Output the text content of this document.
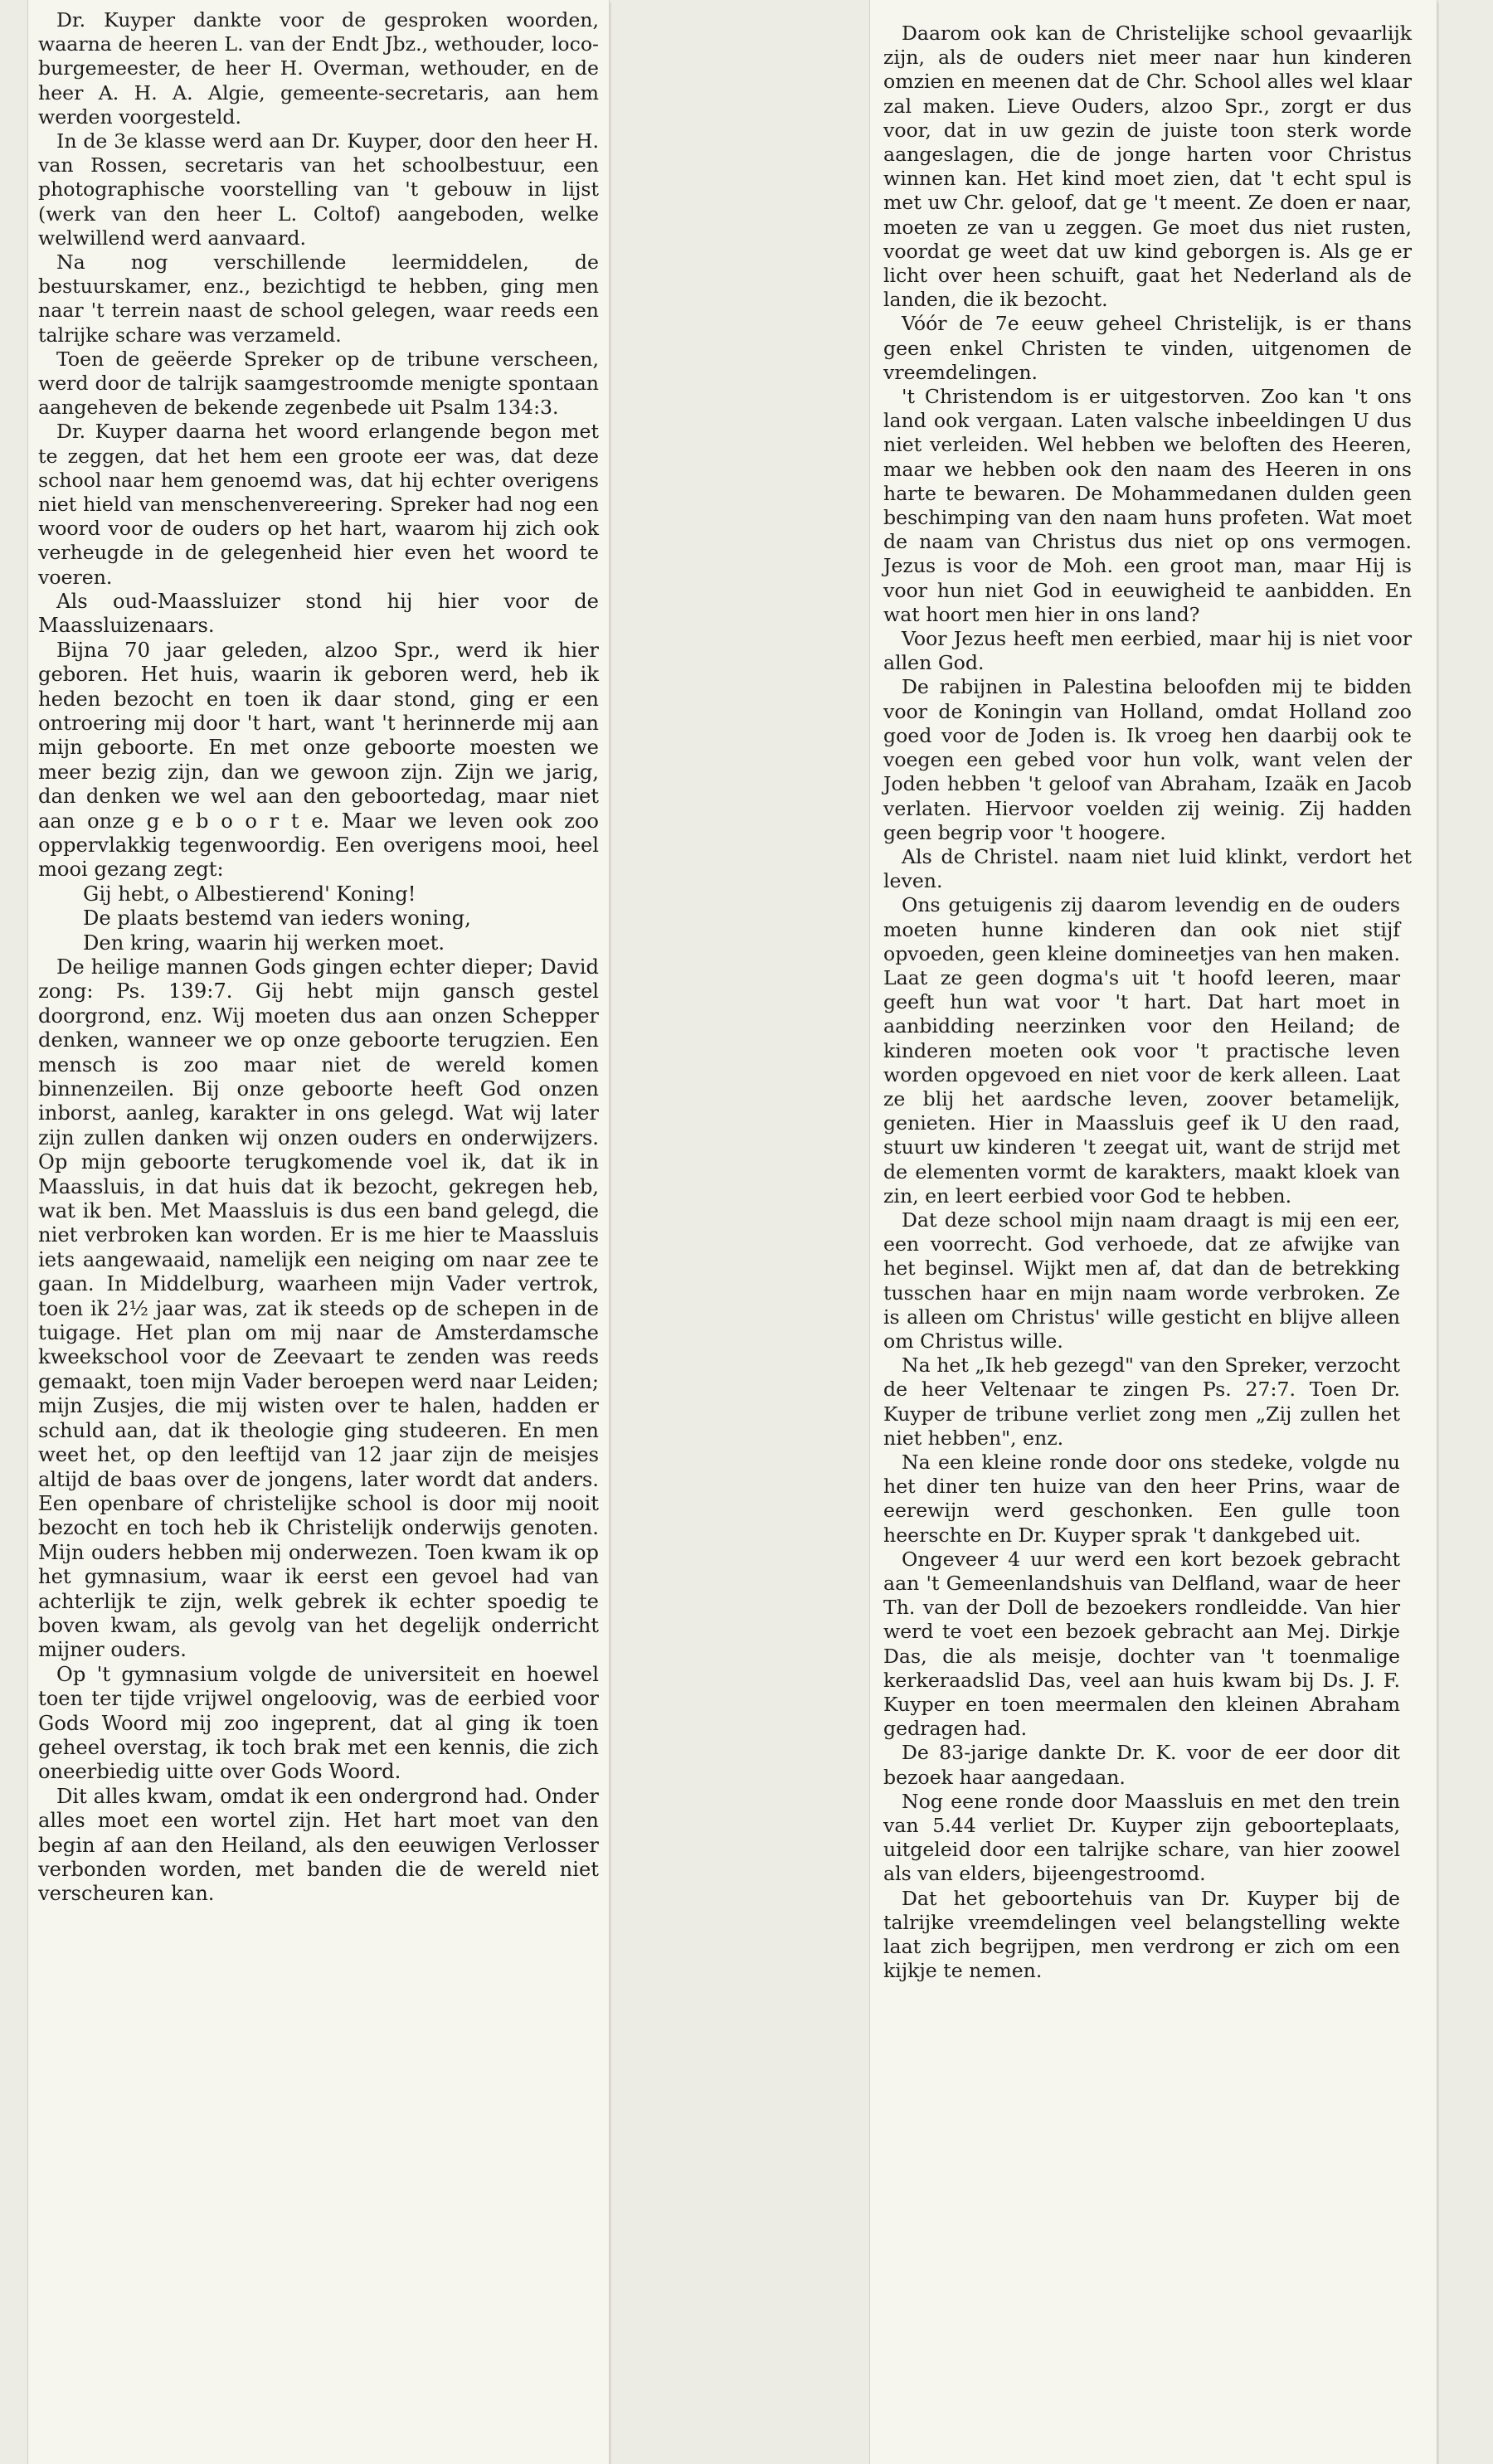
Dr. Kuyper dankte voor de gesproken woorden, waarna de heeren L. van der Endt Jbz., wethouder, loco-burgemeester, de heer H. Overman, wethouder, en de heer A. H. A. Algie, gemeente-secretaris, aan hem werden voorgesteld.

In de 3e klasse werd aan Dr. Kuyper, door den heer H. van Rossen, secretaris van het schoolbestuur, een photographische voorstelling van 't gebouw in lijst (werk van den heer L. Coltof) aangeboden, welke welwillend werd aanvaard.

Na nog verschillende leermiddelen, de bestuurskamer, enz., bezichtigd te hebben, ging men naar 't terrein naast de school gelegen, waar reeds een talrijke schare was verzameld.

Toen de geëerde Spreker op de tribune verscheen, werd door de talrijk saamgestroomde menigte spontaan aangeheven de bekende zegenbede uit Psalm 134:3.

Dr. Kuyper daarna het woord erlangende begon met te zeggen, dat het hem een groote eer was, dat deze school naar hem genoemd was, dat hij echter overigens niet hield van menschenvereering. Spreker had nog een woord voor de ouders op het hart, waarom hij zich ook verheugde in de gelegenheid hier even het woord te voeren.

Als oud-Maassluizer stond hij hier voor de Maassluizenaars.

Bijna 70 jaar geleden, alzoo Spr., werd ik hier geboren. Het huis, waarin ik geboren werd, heb ik heden bezocht en toen ik daar stond, ging er een ontroering mij door 't hart, want 't herinnerde mij aan mijn geboorte. En met onze geboorte moesten we meer bezig zijn, dan we gewoon zijn. Zijn we jarig, dan denken we wel aan den geboortedag, maar niet aan onze g e b o o r t e. Maar we leven ook zoo oppervlakkig tegenwoordig. Een overigens mooi, heel mooi gezang zegt:

Gij hebt, o Albestierend' Koning!

De plaats bestemd van ieders woning,

Den kring, waarin hij werken moet.

De heilige mannen Gods gingen echter dieper; David zong: Ps. 139:7. Gij hebt mijn gansch gestel doorgrond, enz. Wij moeten dus aan onzen Schepper denken, wanneer we op onze geboorte terugzien. Een mensch is zoo maar niet de wereld komen binnenzeilen. Bij onze geboorte heeft God onzen inborst, aanleg, karakter in ons gelegd. Wat wij later zijn zullen danken wij onzen ouders en onderwijzers. Op mijn geboorte terugkomende voel ik, dat ik in Maassluis, in dat huis dat ik bezocht, gekregen heb, wat ik ben. Met Maassluis is dus een band gelegd, die niet verbroken kan worden. Er is me hier te Maassluis iets aangewaaid, namelijk een neiging om naar zee te gaan. In Middelburg, waarheen mijn Vader vertrok, toen ik 2½ jaar was, zat ik steeds op de schepen in de tuigage. Het plan om mij naar de Amsterdamsche kweekschool voor de Zeevaart te zenden was reeds gemaakt, toen mijn Vader beroepen werd naar Leiden; mijn Zusjes, die mij wisten over te halen, hadden er schuld aan, dat ik theologie ging studeeren. En men weet het, op den leeftijd van 12 jaar zijn de meisjes altijd de baas over de jongens, later wordt dat anders. Een openbare of christelijke school is door mij nooit bezocht en toch heb ik Christelijk onderwijs genoten. Mijn ouders hebben mij onderwezen. Toen kwam ik op het gymnasium, waar ik eerst een gevoel had van achterlijk te zijn, welk gebrek ik echter spoedig te boven kwam, als gevolg van het degelijk onderricht mijner ouders.

Op 't gymnasium volgde de universiteit en hoewel toen ter tijde vrijwel ongeloovig, was de eerbied voor Gods Woord mij zoo ingeprent, dat al ging ik toen geheel overstag, ik toch brak met een kennis, die zich oneerbiedig uitte over Gods Woord.

Dit alles kwam, omdat ik een ondergrond had. Onder alles moet een wortel zijn. Het hart moet van den begin af aan den Heiland, als den eeuwigen Verlosser verbonden worden, met banden die de wereld niet verscheuren kan.

Daarom ook kan de Christelijke school gevaarlijk zijn, als de ouders niet meer naar hun kinderen omzien en meenen dat de Chr. School alles wel klaar zal maken. Lieve Ouders, alzoo Spr., zorgt er dus voor, dat in uw gezin de juiste toon sterk worde aangeslagen, die de jonge harten voor Christus winnen kan. Het kind moet zien, dat 't echt spul is met uw Chr. geloof, dat ge 't meent. Ze doen er naar, moeten ze van u zeggen. Ge moet dus niet rusten, voordat ge weet dat uw kind geborgen is. Als ge er licht over heen schuift, gaat het Nederland als de landen, die ik bezocht.

Vóór de 7e eeuw geheel Christelijk, is er thans geen enkel Christen te vinden, uitgenomen de vreemdelingen.

't Christendom is er uitgestorven. Zoo kan 't ons land ook vergaan. Laten valsche inbeeldingen U dus niet verleiden. Wel hebben we beloften des Heeren, maar we hebben ook den naam des Heeren in ons harte te bewaren. De Mohammedanen dulden geen beschimping van den naam huns profeten. Wat moet de naam van Christus dus niet op ons vermogen. Jezus is voor de Moh. een groot man, maar Hij is voor hun niet God in eeuwigheid te aanbidden. En wat hoort men hier in ons land?

Voor Jezus heeft men eerbied, maar hij is niet voor allen God.

De rabijnen in Palestina beloofden mij te bidden voor de Koningin van Holland, omdat Holland zoo goed voor de Joden is. Ik vroeg hen daarbij ook te voegen een gebed voor hun volk, want velen der Joden hebben 't geloof van Abraham, Izaäk en Jacob verlaten. Hiervoor voelden zij weinig. Zij hadden geen begrip voor 't hoogere.

Als de Christel. naam niet luid klinkt, verdort het leven.

Ons getuigenis zij daarom levendig en de ouders moeten hunne kinderen dan ook niet stijf opvoeden, geen kleine domineetjes van hen maken. Laat ze geen dogma's uit 't hoofd leeren, maar geeft hun wat voor 't hart. Dat hart moet in aanbidding neerzinken voor den Heiland; de kinderen moeten ook voor 't practische leven worden opgevoed en niet voor de kerk alleen. Laat ze blij het aardsche leven, zoover betamelijk, genieten. Hier in Maassluis geef ik U den raad, stuurt uw kinderen 't zeegat uit, want de strijd met de elementen vormt de karakters, maakt kloek van zin, en leert eerbied voor God te hebben.

Dat deze school mijn naam draagt is mij een eer, een voorrecht. God verhoede, dat ze afwijke van het beginsel. Wijkt men af, dat dan de betrekking tusschen haar en mijn naam worde verbroken. Ze is alleen om Christus' wille gesticht en blijve alleen om Christus wille.

Na het „Ik heb gezegd" van den Spreker, verzocht de heer Veltenaar te zingen Ps. 27:7. Toen Dr. Kuyper de tribune verliet zong men „Zij zullen het niet hebben", enz.

Na een kleine ronde door ons stedeke, volgde nu het diner ten huize van den heer Prins, waar de eerewijn werd geschonken. Een gulle toon heerschte en Dr. Kuyper sprak 't dankgebed uit.

Ongeveer 4 uur werd een kort bezoek gebracht aan 't Gemeenlandshuis van Delfland, waar de heer Th. van der Doll de bezoekers rondleidde. Van hier werd te voet een bezoek gebracht aan Mej. Dirkje Das, die als meisje, dochter van 't toenmalige kerkeraadslid Das, veel aan huis kwam bij Ds. J. F. Kuyper en toen meermalen den kleinen Abraham gedragen had.

De 83-jarige dankte Dr. K. voor de eer door dit bezoek haar aangedaan.

Nog eene ronde door Maassluis en met den trein van 5.44 verliet Dr. Kuyper zijn geboorteplaats, uitgeleid door een talrijke schare, van hier zoowel als van elders, bijeengestroomd.

Dat het geboortehuis van Dr. Kuyper bij de talrijke vreemdelingen veel belangstelling wekte laat zich begrijpen, men verdrong er zich om een kijkje te nemen.
